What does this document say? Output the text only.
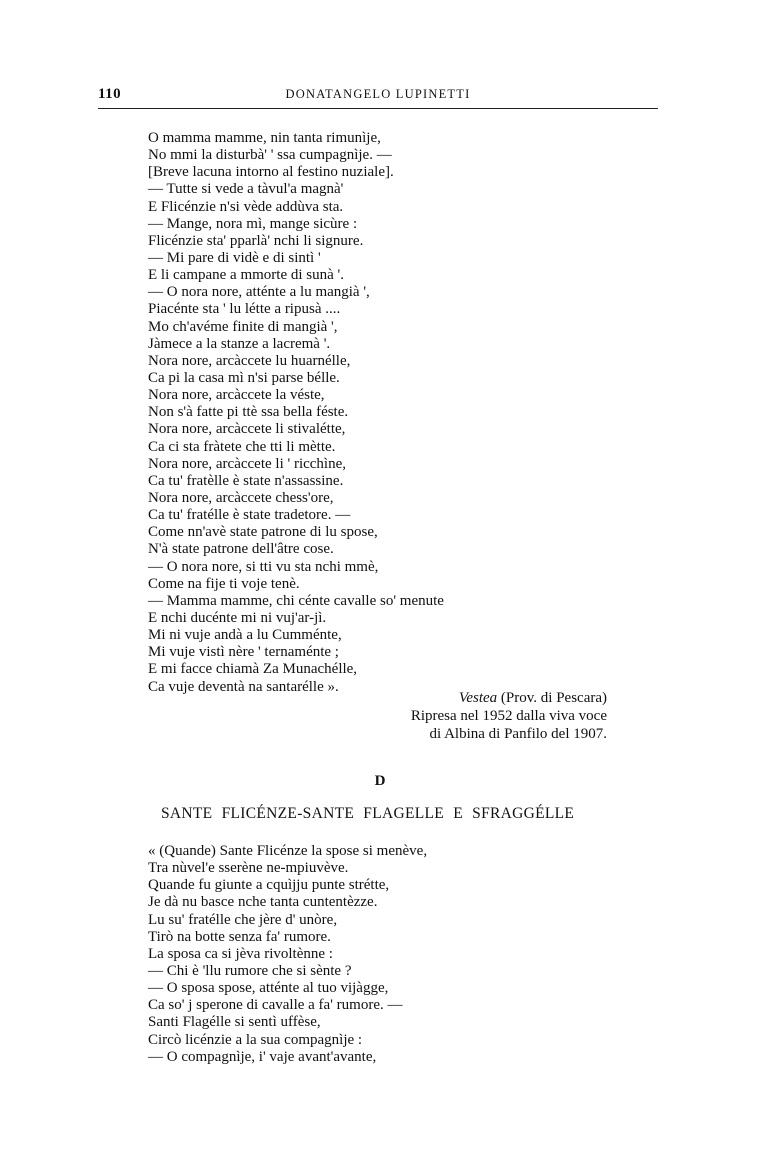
110	DONATANGELO LUPINETTI
O mamma mamme, nin tanta rimunìje,
No mmi la disturbà' ' ssa cumpagnìje. —
[Breve lacuna intorno al festino nuziale].
— Tutte si vede a tàvul'a magnà'
E Flicénzie n'si vède addùva sta.
— Mange, nora mì, mange sicùre :
Flicénzie sta' pparlà' nchi li signure.
— Mi pare di vidè e di sintì '
E li campane a mmorte di sunà '.
— O nora nore, atténte a lu mangià ',
Piacénte sta ' lu létte a ripusà ....
Mo ch'avéme finite di mangià ',
Jàmece a la stanze a lacremà '.
Nora nore, arcàccete lu huarnélle,
Ca pi la casa mì n'si parse bélle.
Nora nore, arcàccete la véste,
Non s'à fatte pi ttè ssa bella féste.
Nora nore, arcàccete li stivalétte,
Ca ci sta fràtete che tti li mètte.
Nora nore, arcàccete li ' ricchìne,
Ca tu' fratèlle è state n'assassine.
Nora nore, arcàccete chess'ore,
Ca tu' fratélle è state tradetore. —
Come nn'avè state patrone di lu spose,
N'à state patrone dell'âtre cose.
— O nora nore, si tti vu sta nchi mmè,
Come na fije ti voje tenè.
— Mamma mamme, chi cénte cavalle so' menute
E nchi ducénte mi ni vuj'ar-jì.
Mi ni vuje andà a lu Cumménte,
Mi vuje vistì nère ' ternaménte ;
E mi facce chiamà Za Munachélle,
Ca vuje deventà na santarélle ».
Vestea (Prov. di Pescara)
Ripresa nel 1952 dalla viva voce
di Albina di Panfilo del 1907.
D
SANTE FLICÉNZE-SANTE FLAGELLE E SFRAGGÉLLE
« (Quande) Sante Flicénze la spose si menève,
Tra nùvel'e sserène ne-mpiuvève.
Quande fu giunte a cquìjju punte strétte,
Je dà nu basce nche tanta cuntentèzze.
Lu su' fratélle che jère d' unòre,
Tirò na botte senza fa' rumore.
La sposa ca si jèva rivoltènne :
— Chi è 'llu rumore che si sènte ?
— O sposa spose, atténte al tuo vijàgge,
Ca so' j sperone di cavalle a fa' rumore. —
Santi Flagélle si sentì uffèse,
Circò licénzie a la sua compagnìje :
— O compagnìje, i' vaje avant'avante,
